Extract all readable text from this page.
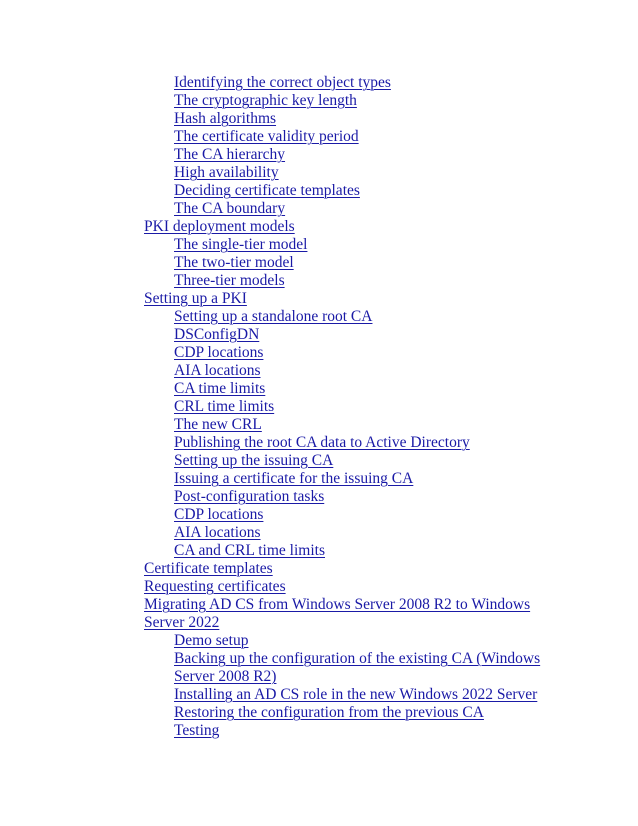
Identifying the correct object types
The cryptographic key length
Hash algorithms
The certificate validity period
The CA hierarchy
High availability
Deciding certificate templates
The CA boundary
PKI deployment models
The single-tier model
The two-tier model
Three-tier models
Setting up a PKI
Setting up a standalone root CA
DSConfigDN
CDP locations
AIA locations
CA time limits
CRL time limits
The new CRL
Publishing the root CA data to Active Directory
Setting up the issuing CA
Issuing a certificate for the issuing CA
Post-configuration tasks
CDP locations
AIA locations
CA and CRL time limits
Certificate templates
Requesting certificates
Migrating AD CS from Windows Server 2008 R2 to Windows Server 2022
Demo setup
Backing up the configuration of the existing CA (Windows Server 2008 R2)
Installing an AD CS role in the new Windows 2022 Server
Restoring the configuration from the previous CA
Testing
